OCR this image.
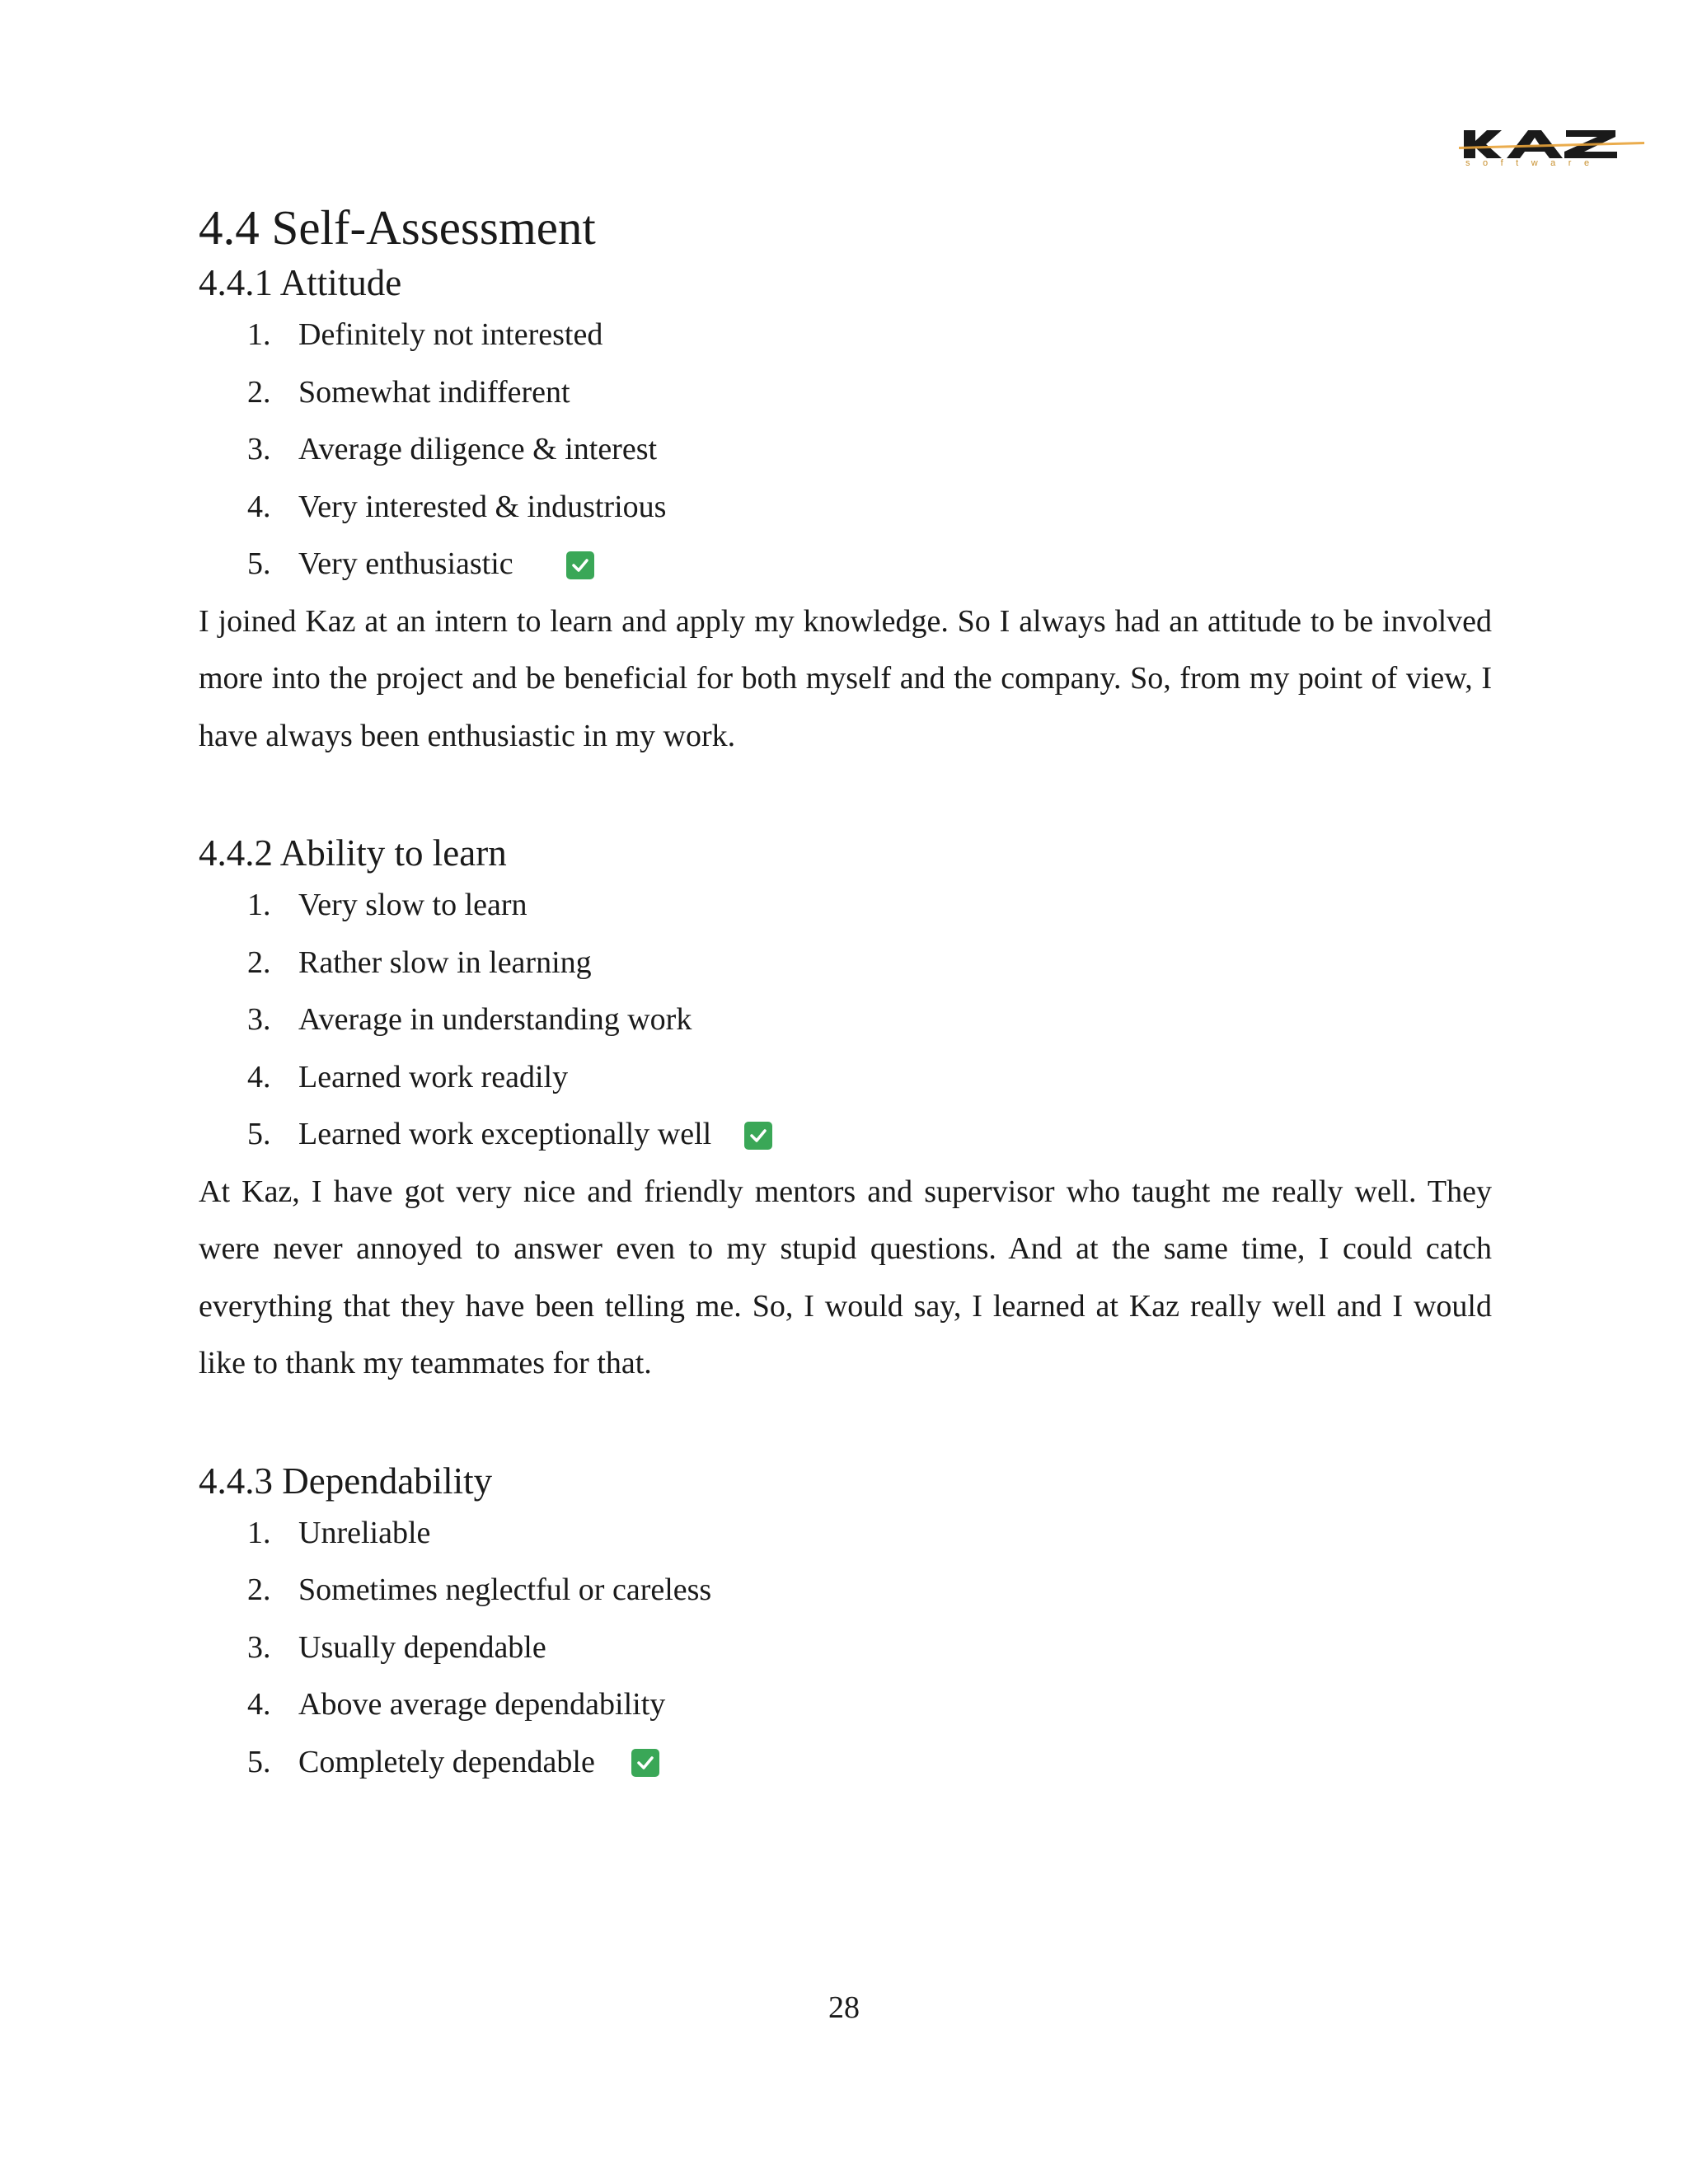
software
4.4 Self-Assessment
4.4.1 Attitude
1. Definitely not interested
2. Somewhat indifferent
3. Average diligence & interest
4. Very interested & industrious
5. Very enthusiastic

I joined Kaz at an intern to learn and apply my knowledge. So I always had an attitude to be involved more into the project and be beneficial for both myself and the company. So, from my point of view, I have always been enthusiastic in my work.

4.4.2 Ability to learn
1. Very slow to learn
2. Rather slow in learning
3. Average in understanding work
4. Learned work readily
5. Learned work exceptionally well

At Kaz, I have got very nice and friendly mentors and supervisor who taught me really well. They were never annoyed to answer even to my stupid questions. And at the same time, I could catch everything that they have been telling me. So, I would say, I learned at Kaz really well and I would like to thank my teammates for that.

4.4.3 Dependability
1. Unreliable
2. Sometimes neglectful or careless
3. Usually dependable
4. Above average dependability
5. Completely dependable
28
